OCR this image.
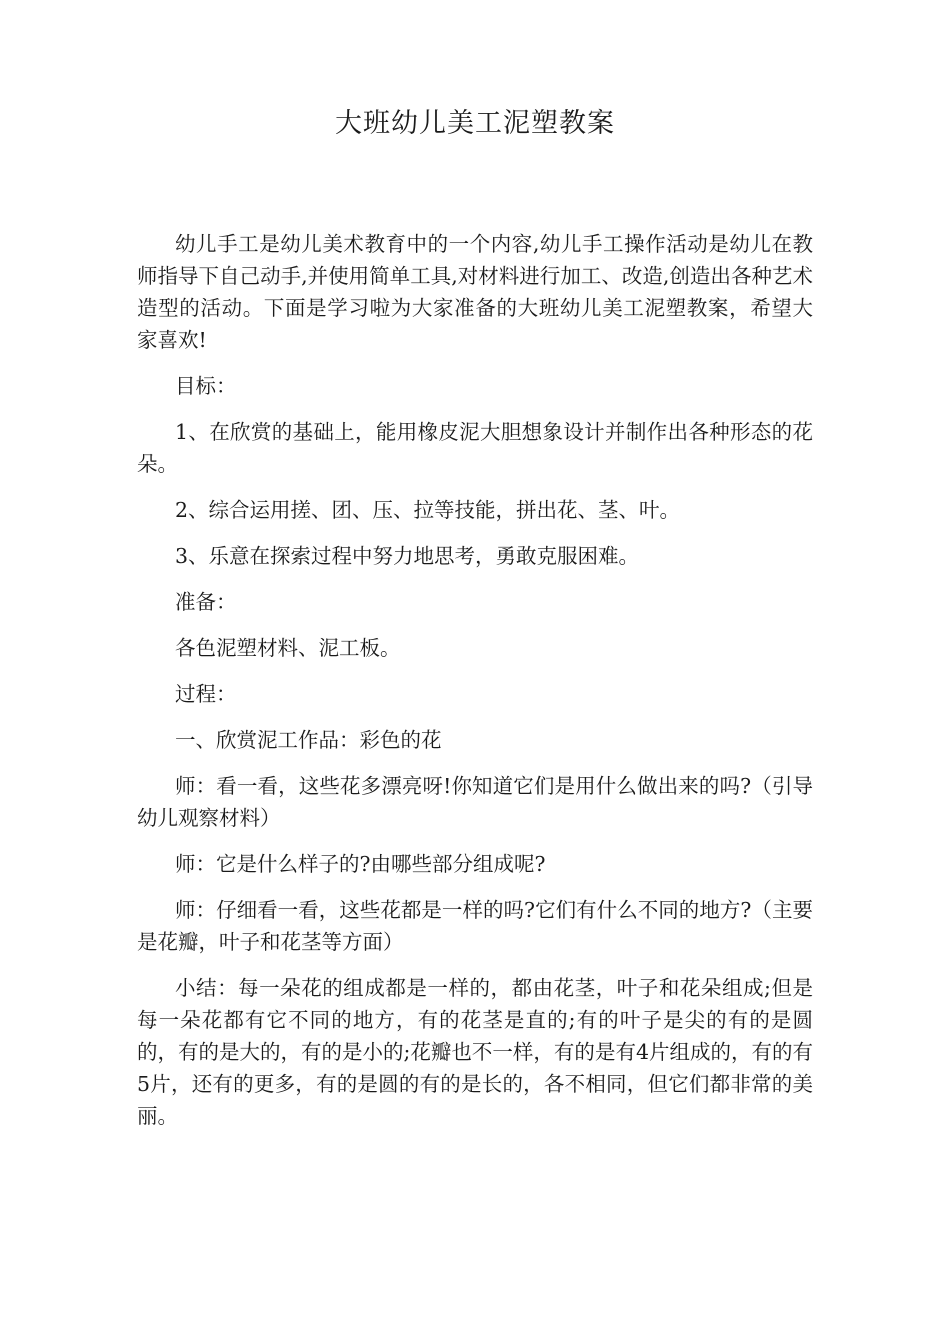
大班幼儿美工泥塑教案

幼儿手工是幼儿美术教育中的一个内容,幼儿手工操作活动是幼儿在教师指导下自己动手,并使用简单工具,对材料进行加工、改造,创造出各种艺术造型的活动。下面是学习啦为大家准备的大班幼儿美工泥塑教案，希望大家喜欢!

目标：

1、在欣赏的基础上，能用橡皮泥大胆想象设计并制作出各种形态的花朵。

2、综合运用搓、团、压、拉等技能，拼出花、茎、叶。

3、乐意在探索过程中努力地思考，勇敢克服困难。

准备：

各色泥塑材料、泥工板。

过程：

一、欣赏泥工作品：彩色的花

师：看一看，这些花多漂亮呀!你知道它们是用什么做出来的吗?（引导幼儿观察材料）

师：它是什么样子的?由哪些部分组成呢?

师：仔细看一看，这些花都是一样的吗?它们有什么不同的地方?（主要是花瓣，叶子和花茎等方面）

小结：每一朵花的组成都是一样的，都由花茎，叶子和花朵组成;但是每一朵花都有它不同的地方，有的花茎是直的;有的叶子是尖的有的是圆的，有的是大的，有的是小的;花瓣也不一样，有的是有4片组成的，有的有5片，还有的更多，有的是圆的有的是长的，各不相同，但它们都非常的美丽。
